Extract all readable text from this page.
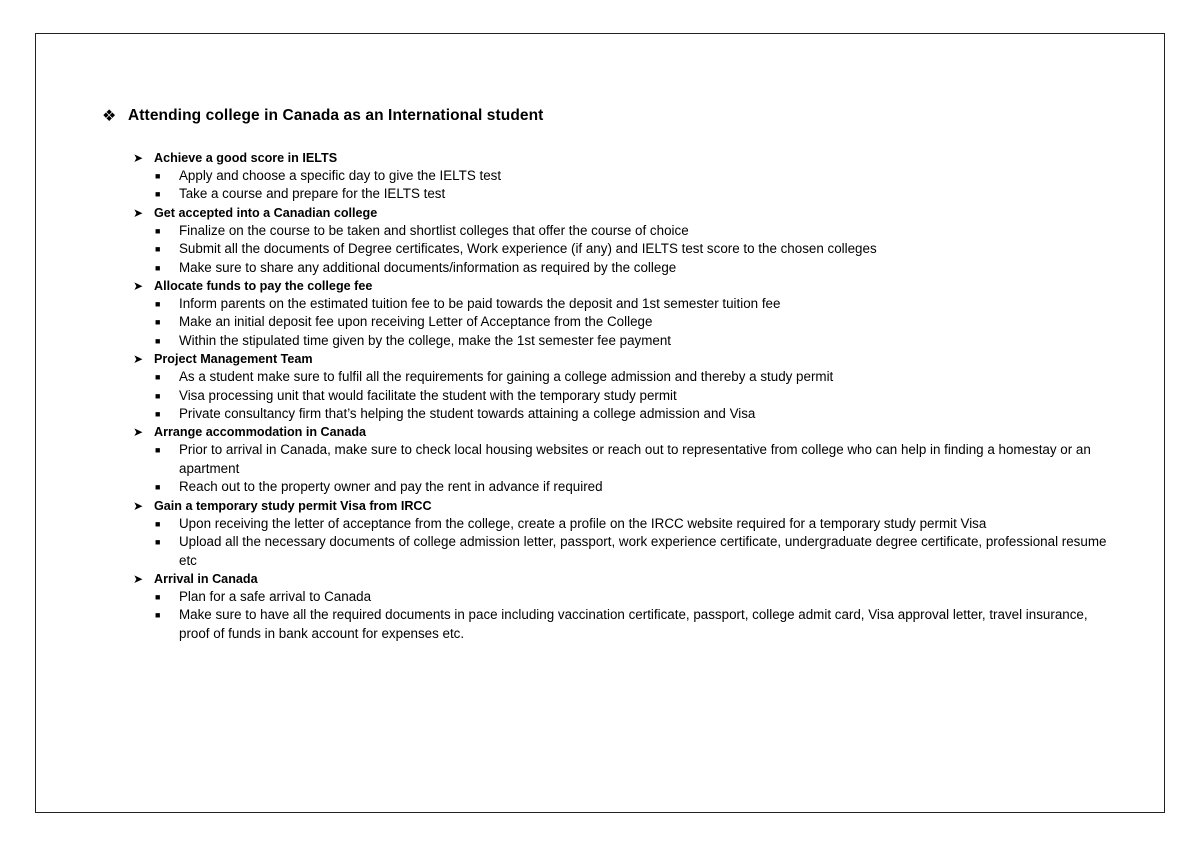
❖ Attending college in Canada as an International student
➤ Achieve a good score in IELTS
■	Apply and choose a specific day to give the IELTS test
■	Take a course and prepare for the IELTS test
➤ Get accepted into a Canadian college
■	Finalize on the course to be taken and shortlist colleges that offer the course of choice
■	Submit all the documents of Degree certificates, Work experience (if any) and IELTS test score to the chosen colleges
■	Make sure to share any additional documents/information as required by the college
➤ Allocate funds to pay the college fee
■	Inform parents on the estimated tuition fee to be paid towards the deposit and 1st semester tuition fee
■	Make an initial deposit fee upon receiving Letter of Acceptance from the College
■	Within the stipulated time given by the college, make the 1st semester fee payment
➤ Project Management Team
■	As a student make sure to fulfil all the requirements for gaining a college admission and thereby a study permit
■	Visa processing unit that would facilitate the student with the temporary study permit
■	Private consultancy firm that’s helping the student towards attaining a college admission and Visa
➤ Arrange accommodation in Canada
■	Prior to arrival in Canada, make sure to check local housing websites or reach out to representative from college who can help in finding a homestay or an apartment
■	Reach out to the property owner and pay the rent in advance if required
➤ Gain a temporary study permit Visa from IRCC
■	Upon receiving the letter of acceptance from the college, create a profile on the IRCC website required for a temporary study permit Visa
■	Upload all the necessary documents of college admission letter, passport, work experience certificate, undergraduate degree certificate, professional resume etc
➤ Arrival in Canada
■	Plan for a safe arrival to Canada
■	Make sure to have all the required documents in pace including vaccination certificate, passport, college admit card, Visa approval letter, travel insurance, proof of funds in bank account for expenses etc.
